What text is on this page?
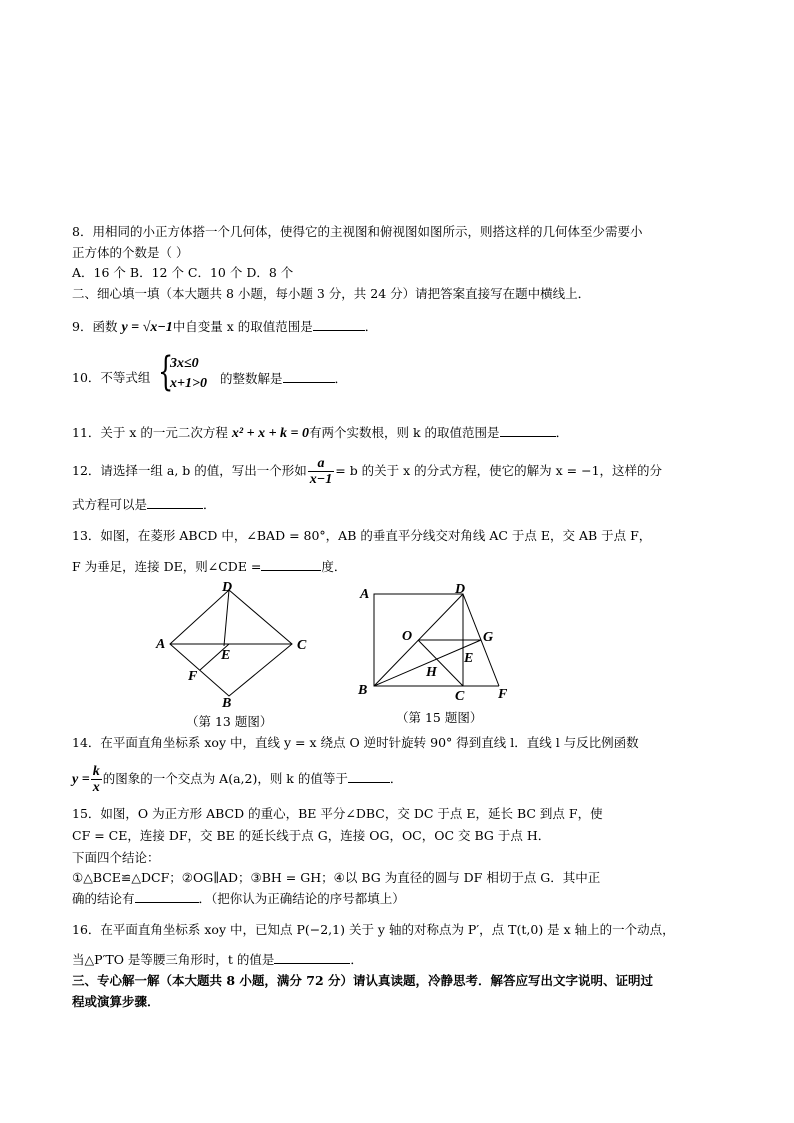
8．用相同的小正方体搭一个几何体，使得它的主视图和俯视图如图所示，则搭这样的几何体至少需要小
正方体的个数是（ ）
A．16 个 B．12 个 C．10 个 D．8 个
二、细心填一填（本大题共 8 小题，每小题 3 分，共 24 分）请把答案直接写在题中横线上．
9．函数 y = √x−1中自变量 x 的取值范围是	．
10．不等式组 {
3x≤0
x+1>0 的整数解是	．
11．关于 x 的一元二次方程 x² + x + k = 0有两个实数根，则 k 的取值范围是	．
12．请选择一组 a, b 的值，写出一个形如 $\frac{a}{x-1} = b$ 的关于 x 的分式方程，使它的解为 x = −1，这样的分
式方程可以是	．
13．如图，在菱形 ABCD 中，∠BAD = 80°，AB 的垂直平分线交对角线 AC 于点 E，交 AB 于点 F，
F 为垂足，连接 DE，则∠CDE =	度．
D
A	C
E
F
B
（第 13 题图）
A	D
O	G
E
H
B	C F
（第 15 题图）
14．在平面直角坐标系 xoy 中，直线 y = x 绕点 O 逆时针旋转 90° 得到直线 l．直线 l 与反比例函数
$y = \frac{k}{x}$ 的图象的一个交点为 A(a,2)，则 k 的值等于	．
15．如图，O 为正方形 ABCD 的重心，BE 平分∠DBC，交 DC 于点 E，延长 BC 到点 F，使
CF = CE，连接 DF，交 BE 的延长线于点 G，连接 OG，OC，OC 交 BG 于点 H．
下面四个结论：
①△BCE≌△DCF；②OG∥AD；③BH = GH；④以 BG 为直径的圆与 DF 相切于点 G．其中正
确的结论有	．（把你认为正确结论的序号都填上）
16．在平面直角坐标系 xoy 中，已知点 P(−2,1) 关于 y 轴的对称点为 P′，点 T(t,0) 是 x 轴上的一个动点，
当△P′TO 是等腰三角形时，t 的值是	．
三、专心解一解（本大题共 8 小题，满分 72 分）请认真读题，冷静思考．解答应写出文字说明、证明过
程或演算步骤．
